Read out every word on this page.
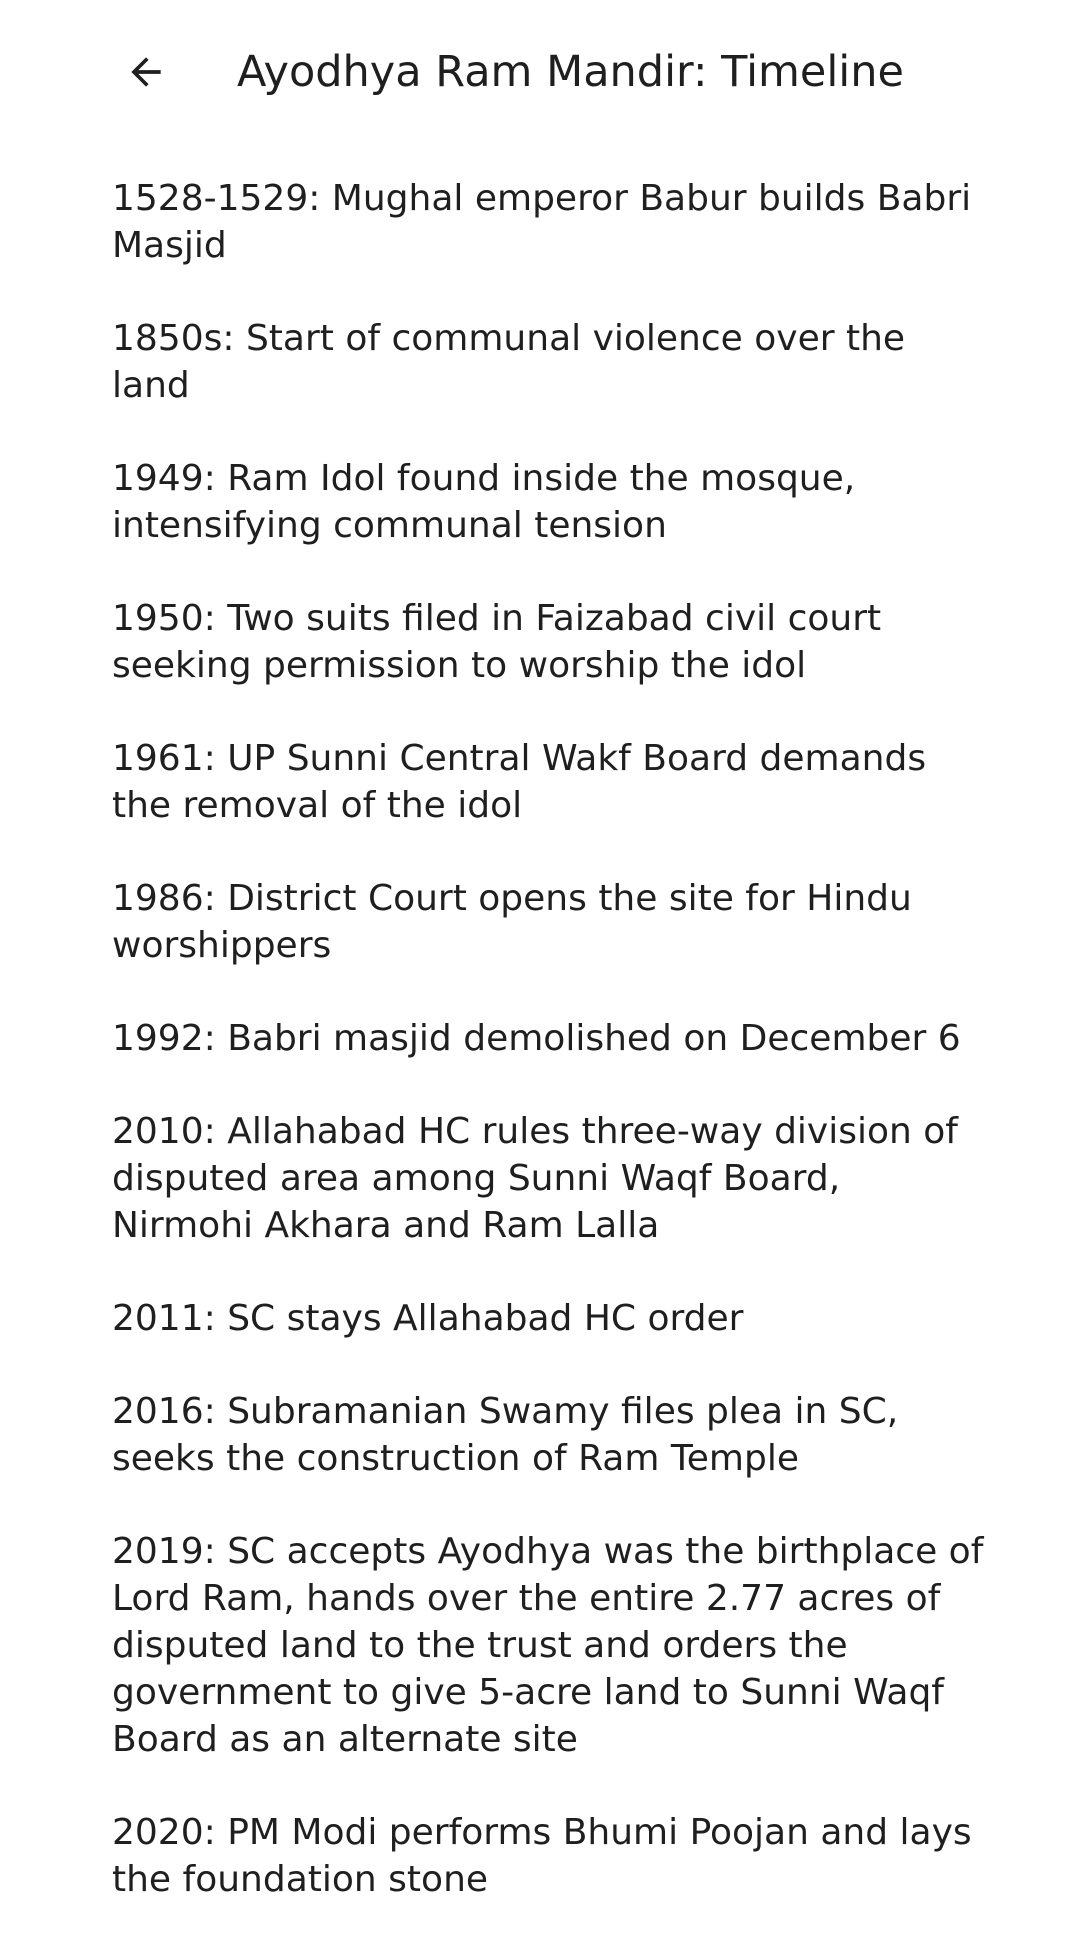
Ayodhya Ram Mandir: Timeline
1528-1529: Mughal emperor Babur builds Babri Masjid
1850s: Start of communal violence over the land
1949: Ram Idol found inside the mosque, intensifying communal tension
1950: Two suits filed in Faizabad civil court seeking permission to worship the idol
1961: UP Sunni Central Wakf Board demands the removal of the idol
1986: District Court opens the site for Hindu worshippers
1992: Babri masjid demolished on December 6
2010: Allahabad HC rules three-way division of disputed area among Sunni Waqf Board, Nirmohi Akhara and Ram Lalla
2011: SC stays Allahabad HC order
2016: Subramanian Swamy files plea in SC, seeks the construction of Ram Temple
2019: SC accepts Ayodhya was the birthplace of Lord Ram, hands over the entire 2.77 acres of disputed land to the trust and orders the government to give 5-acre land to Sunni Waqf Board as an alternate site
2020: PM Modi performs Bhumi Poojan and lays the foundation stone
